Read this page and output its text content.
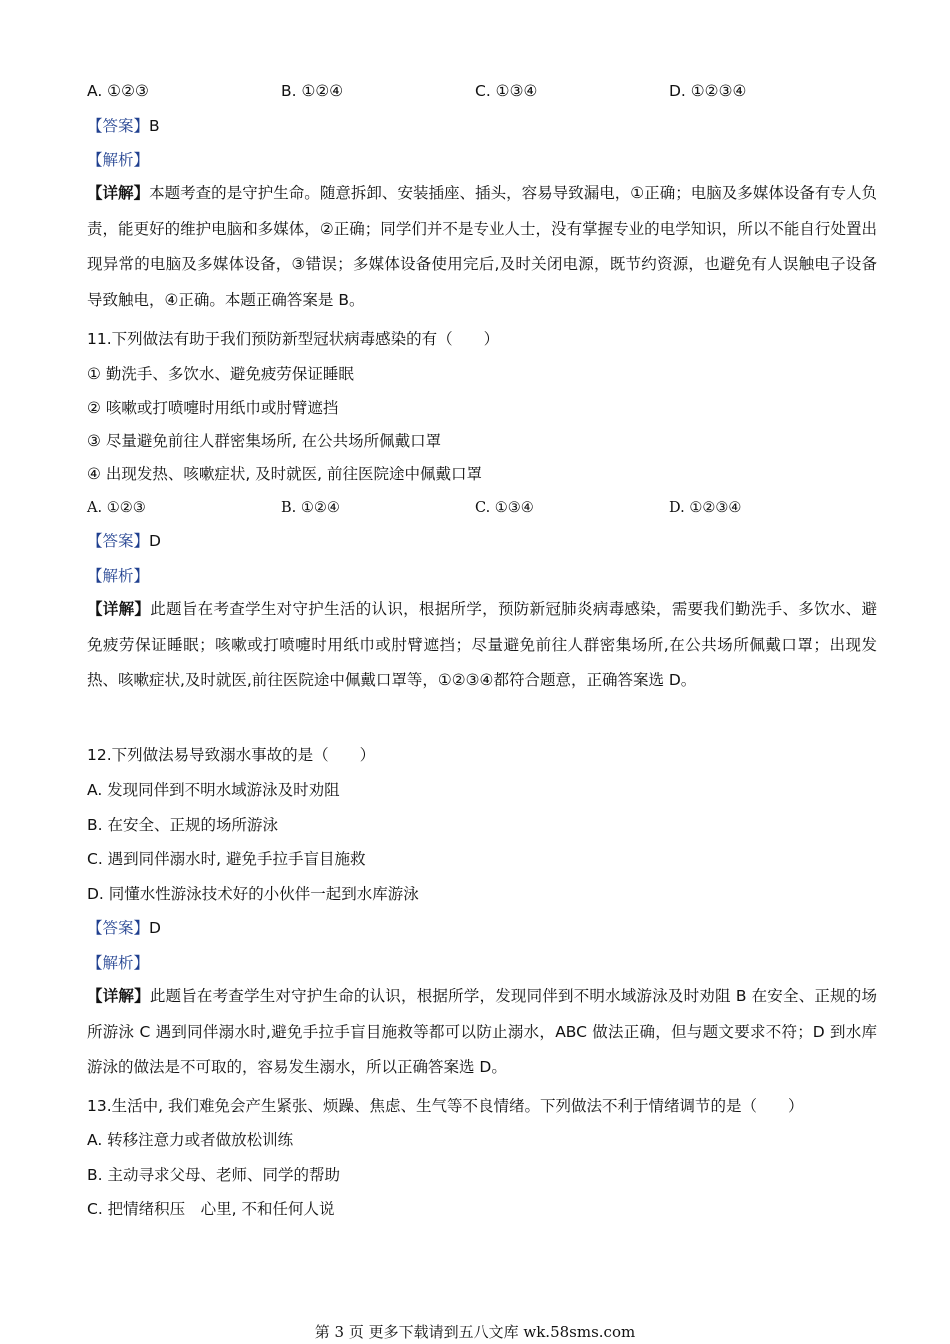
A. ①②③	B. ①②④	C. ①③④	D. ①②③④
【答案】B
【解析】
【详解】本题考查的是守护生命。随意拆卸、安装插座、插头，容易导致漏电，①正确；电脑及多媒体设备有专人负责，能更好的维护电脑和多媒体，②正确；同学们并不是专业人士，没有掌握专业的电学知识，所以不能自行处置出现异常的电脑及多媒体设备，③错误；多媒体设备使用完后,及时关闭电源，既节约资源，也避免有人误触电子设备导致触电，④正确。本题正确答案是 B。
11.下列做法有助于我们预防新型冠状病毒感染的有（　　）
① 勤洗手、多饮水、避免疲劳保证睡眠
② 咳嗽或打喷嚏时用纸巾或肘臂遮挡
③ 尽量避免前往人群密集场所, 在公共场所佩戴口罩
④ 出现发热、咳嗽症状, 及时就医, 前往医院途中佩戴口罩
A. ①②③	B. ①②④	C. ①③④	D. ①②③④
【答案】D
【解析】
【详解】此题旨在考查学生对守护生活的认识，根据所学，预防新冠肺炎病毒感染，需要我们勤洗手、多饮水、避免疲劳保证睡眠；咳嗽或打喷嚏时用纸巾或肘臂遮挡；尽量避免前往人群密集场所,在公共场所佩戴口罩；出现发热、咳嗽症状,及时就医,前往医院途中佩戴口罩等，①②③④都符合题意，正确答案选 D。
12.下列做法易导致溺水事故的是（　　）
A. 发现同伴到不明水域游泳及时劝阻
B. 在安全、正规的场所游泳
C. 遇到同伴溺水时, 避免手拉手盲目施救
D. 同懂水性游泳技术好的小伙伴一起到水库游泳
【答案】D
【解析】
【详解】此题旨在考查学生对守护生命的认识，根据所学，发现同伴到不明水域游泳及时劝阻 B 在安全、正规的场所游泳 C 遇到同伴溺水时,避免手拉手盲目施救等都可以防止溺水，ABC 做法正确，但与题文要求不符；D 到水库游泳的做法是不可取的，容易发生溺水，所以正确答案选 D。
13.生活中, 我们难免会产生紧张、烦躁、焦虑、生气等不良情绪。下列做法不利于情绪调节的是（　　）
A. 转移注意力或者做放松训练
B. 主动寻求父母、老师、同学的帮助
C. 把情绪积压　心里, 不和任何人说
第 3 页 更多下载请到五八文库 wk.58sms.com
